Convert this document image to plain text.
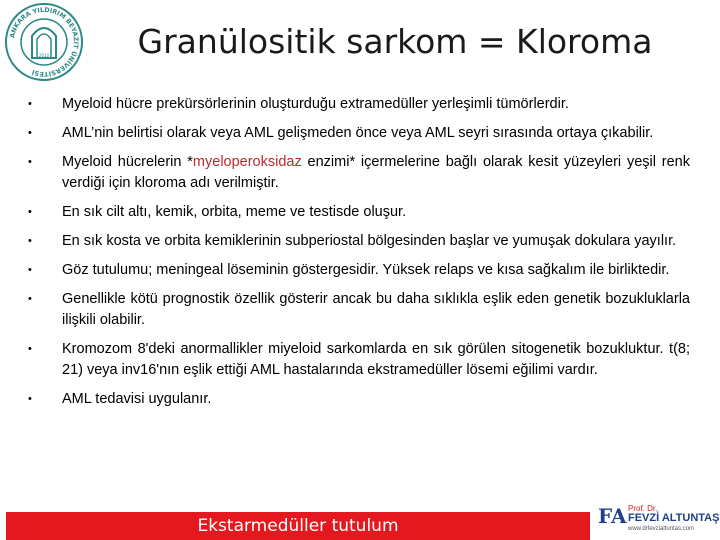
ANKARA YILDIRIM BEYAZIT ÜNİVERSİTESİ
2010	Granülositik sarkom = Kloroma
• Myeloid hücre prekürsörlerinin oluşturduğu extramedüller yerleşimli tümörlerdir.
• AML’nin belirtisi olarak veya AML gelişmeden önce veya AML seyri sırasında ortaya çıkabilir.
• Myeloid hücrelerin *myeloperoksidaz enzimi* içermelerine bağlı olarak kesit yüzeyleri yeşil renk verdiği için kloroma adı verilmiştir.
• En sık cilt altı, kemik, orbita, meme ve testisde oluşur.
• En sık kosta ve orbita kemiklerinin subperiostal bölgesinden başlar ve yumuşak dokulara yayılır.
• Göz tutulumu; meningeal löseminin göstergesidir. Yüksek relaps ve kısa sağkalım ile birliktedir.
• Genellikle kötü prognostik özellik gösterir ancak bu daha sıklıkla eşlik eden genetik bozukluklarla ilişkili olabilir.
• Kromozom 8'deki anormallikler miyeloid sarkomlarda en sık görülen sitogenetik bozukluktur. t(8; 21) veya inv16'nın eşlik ettiği AML hastalarında ekstramedüller lösemi eğilimi vardır.
• AML tedavisi uygulanır.
Ekstarmedüller tutulum	FA Prof. Dr.
FEVZİ ALTUNTAŞ
www.drfevzialtuntas.com
